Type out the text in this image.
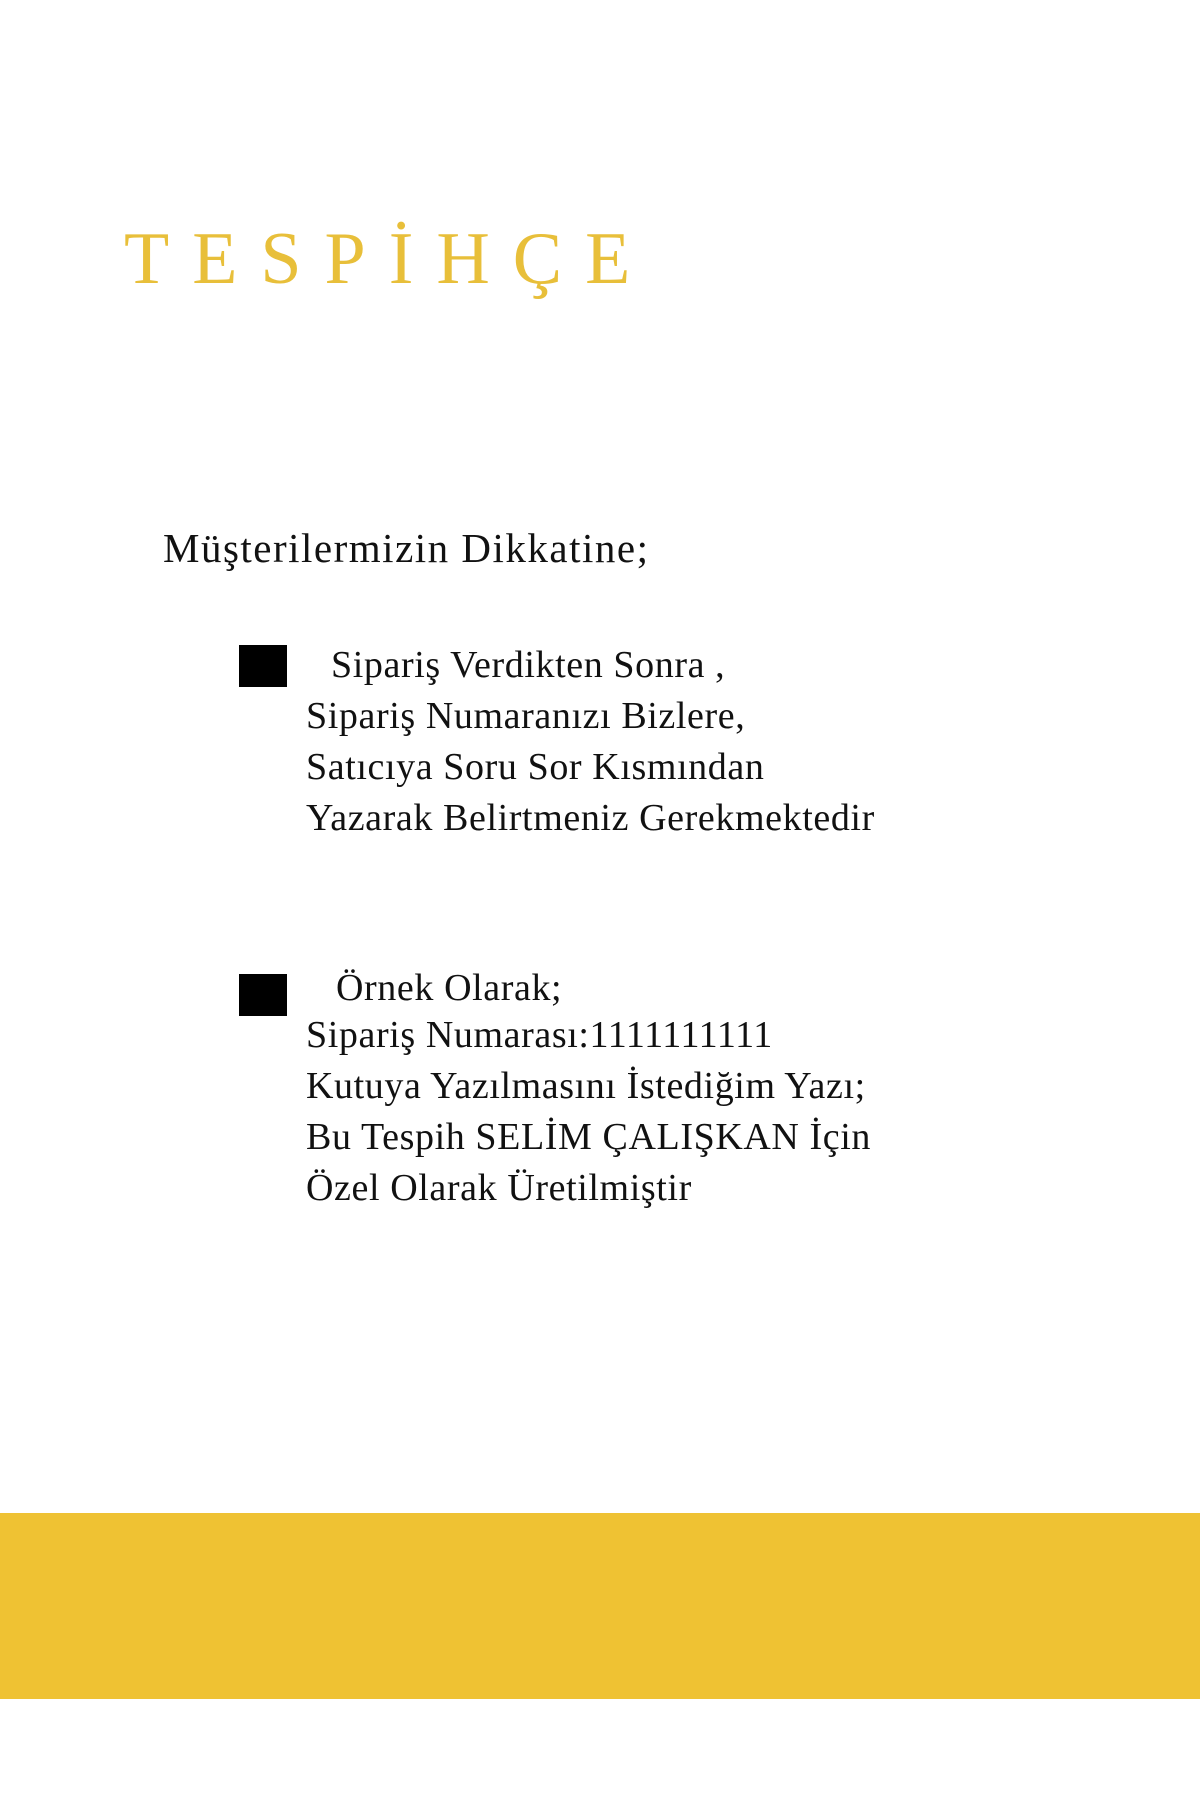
TESPİHÇE
Müşterilermizin Dikkatine;
Sipariş Verdikten Sonra ,
Sipariş Numaranızı Bizlere,
Satıcıya Soru Sor Kısmından
Yazarak Belirtmeniz Gerekmektedir
Örnek Olarak;
Sipariş Numarası:1111111111
Kutuya Yazılmasını İstediğim Yazı;
Bu Tespih SELİM ÇALIŞKAN İçin
Özel Olarak Üretilmiştir
